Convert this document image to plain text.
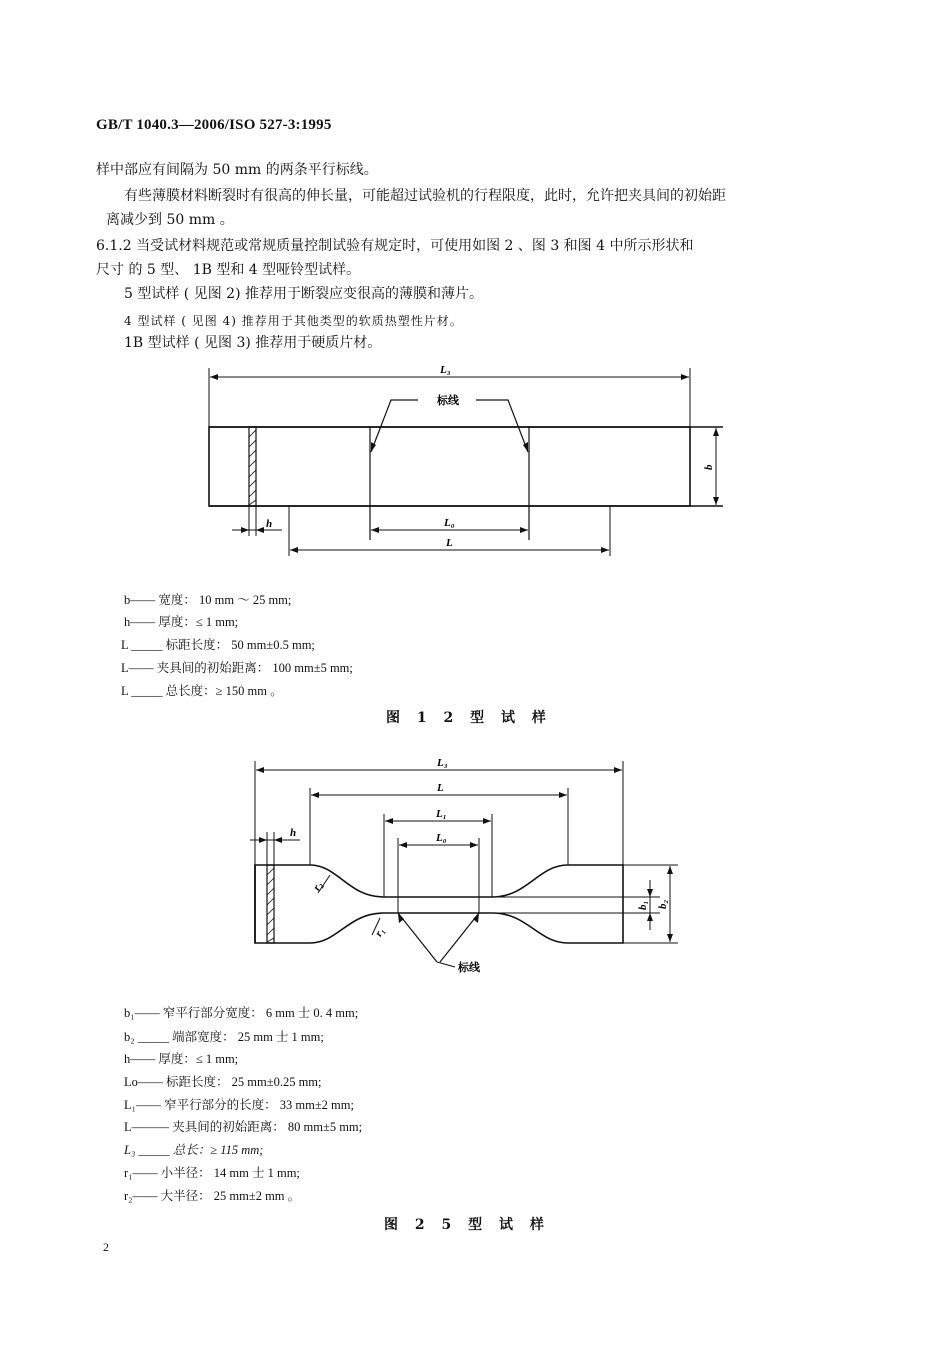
GB/T 1040.3—2006/ISO 527-3:1995
样中部应有间隔为 50 mm 的两条平行标线。
有些薄膜材料断裂时有很高的伸长量，可能超过试验机的行程限度，此时，允许把夹具间的初始距
离减少到 50 mm 。
6.1.2 当受试材料规范或常规质量控制试验有规定时，可使用如图 2 、图 3 和图 4 中所示形状和
尺寸 的 5 型、 1B 型和 4 型哑铃型试样。
5 型试样 ( 见图 2) 推荐用于断裂应变很高的薄膜和薄片。
4 型试样 ( 见图 4) 推荐用于其他类型的软质热塑性片材。
1B 型试样 ( 见图 3) 推荐用于硬质片材。
L₃
标线
b
h	L₀
L
b—— 宽度： 10 mm ～ 25 mm;
h—— 厚度：≤ 1 mm;
L _____ 标距长度： 50 mm±0.5 mm;
L—— 夹具间的初始距离： 100 mm±5 mm;
L _____ 总长度：≥ 150 mm 。
图 1 2 型 试 样
L₃
L
L₁
L₀
h
r₂
r₁
b₁ b₂
标线
b₁—— 窄平行部分宽度： 6 mm 士 0. 4 mm;
b₂ _____ 端部宽度： 25 mm 士 1 mm;
h—— 厚度：≤ 1 mm;
Lo—— 标距长度： 25 mm±0.25 mm;
L₁—— 窄平行部分的长度： 33 mm±2 mm;
L——— 夹具间的初始距离： 80 mm±5 mm;
L₃ _____ 总长：≥ 115 mm;
r₁—— 小半径： 14 mm 士 1 mm;
r₂—— 大半径： 25 mm±2 mm 。
图 2 5 型 试 样
2
